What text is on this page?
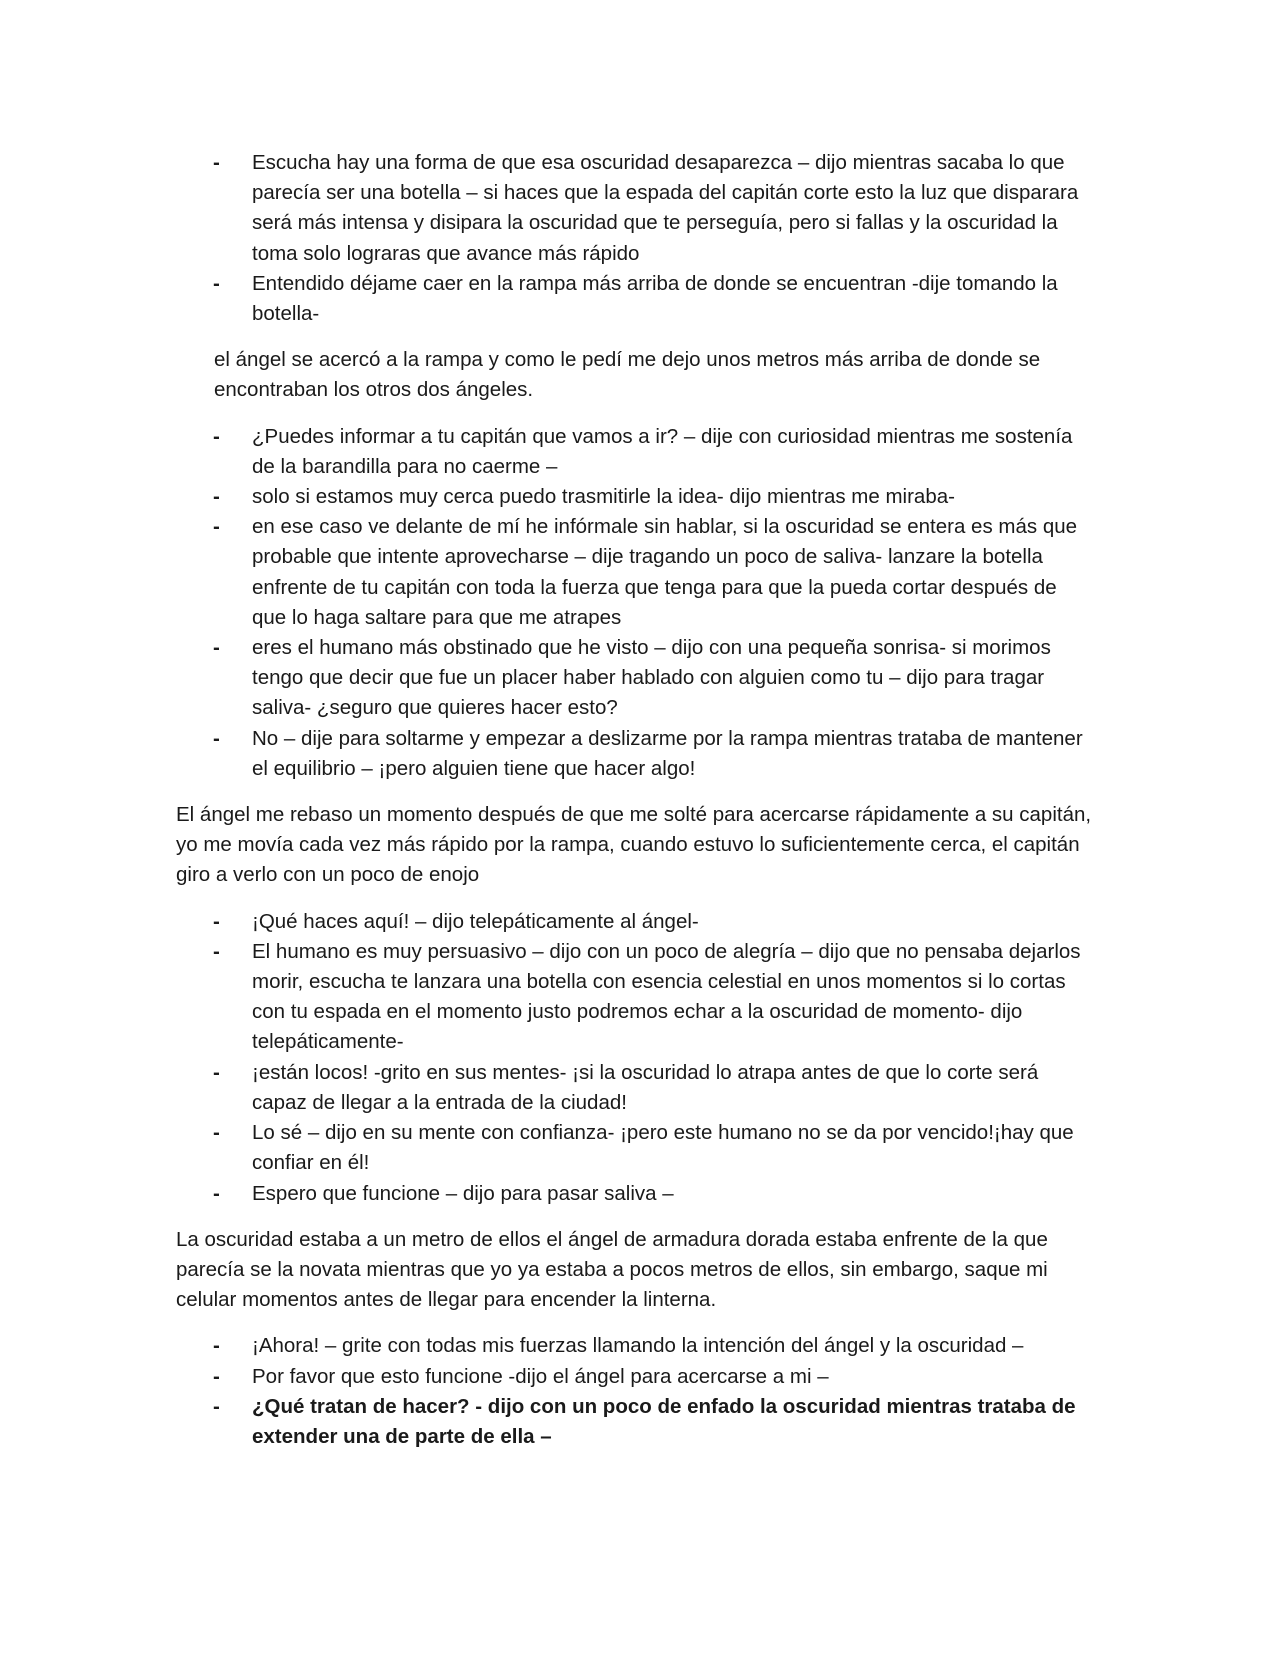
- Escucha hay una forma de que esa oscuridad desaparezca – dijo mientras sacaba lo que parecía ser una botella – si haces que la espada del capitán corte esto la luz que disparara será más intensa y disipara la oscuridad que te perseguía, pero si fallas y la oscuridad la toma solo lograras que avance más rápido
- Entendido déjame caer en la rampa más arriba de donde se encuentran -dije tomando la botella-

el ángel se acercó a la rampa y como le pedí me dejo unos metros más arriba de donde se encontraban los otros dos ángeles.

- ¿Puedes informar a tu capitán que vamos a ir? – dije con curiosidad mientras me sostenía de la barandilla para no caerme –
- solo si estamos muy cerca puedo trasmitirle la idea- dijo mientras me miraba-
- en ese caso ve delante de mí he infórmale sin hablar, si la oscuridad se entera es más que probable que intente aprovecharse – dije tragando un poco de saliva- lanzare la botella enfrente de tu capitán con toda la fuerza que tenga para que la pueda cortar después de que lo haga saltare para que me atrapes
- eres el humano más obstinado que he visto – dijo con una pequeña sonrisa- si morimos tengo que decir que fue un placer haber hablado con alguien como tu – dijo para tragar saliva- ¿seguro que quieres hacer esto?
- No – dije para soltarme y empezar a deslizarme por la rampa mientras trataba de mantener el equilibrio – ¡pero alguien tiene que hacer algo!

El ángel me rebaso un momento después de que me solté para acercarse rápidamente a su capitán, yo me movía cada vez más rápido por la rampa, cuando estuvo lo suficientemente cerca, el capitán giro a verlo con un poco de enojo

- ¡Qué haces aquí! – dijo telepáticamente al ángel-
- El humano es muy persuasivo – dijo con un poco de alegría – dijo que no pensaba dejarlos morir, escucha te lanzara una botella con esencia celestial en unos momentos si lo cortas con tu espada en el momento justo podremos echar a la oscuridad de momento- dijo telepáticamente-
- ¡están locos! -grito en sus mentes- ¡si la oscuridad lo atrapa antes de que lo corte será capaz de llegar a la entrada de la ciudad!
- Lo sé – dijo en su mente con confianza- ¡pero este humano no se da por vencido!¡hay que confiar en él!
- Espero que funcione – dijo para pasar saliva –

La oscuridad estaba a un metro de ellos el ángel de armadura dorada estaba enfrente de la que parecía se la novata mientras que yo ya estaba a pocos metros de ellos, sin embargo, saque mi celular momentos antes de llegar para encender la linterna.

- ¡Ahora! – grite con todas mis fuerzas llamando la intención del ángel y la oscuridad –
- Por favor que esto funcione -dijo el ángel para acercarse a mi –
- ¿Qué tratan de hacer? - dijo con un poco de enfado la oscuridad mientras trataba de extender una de parte de ella –
